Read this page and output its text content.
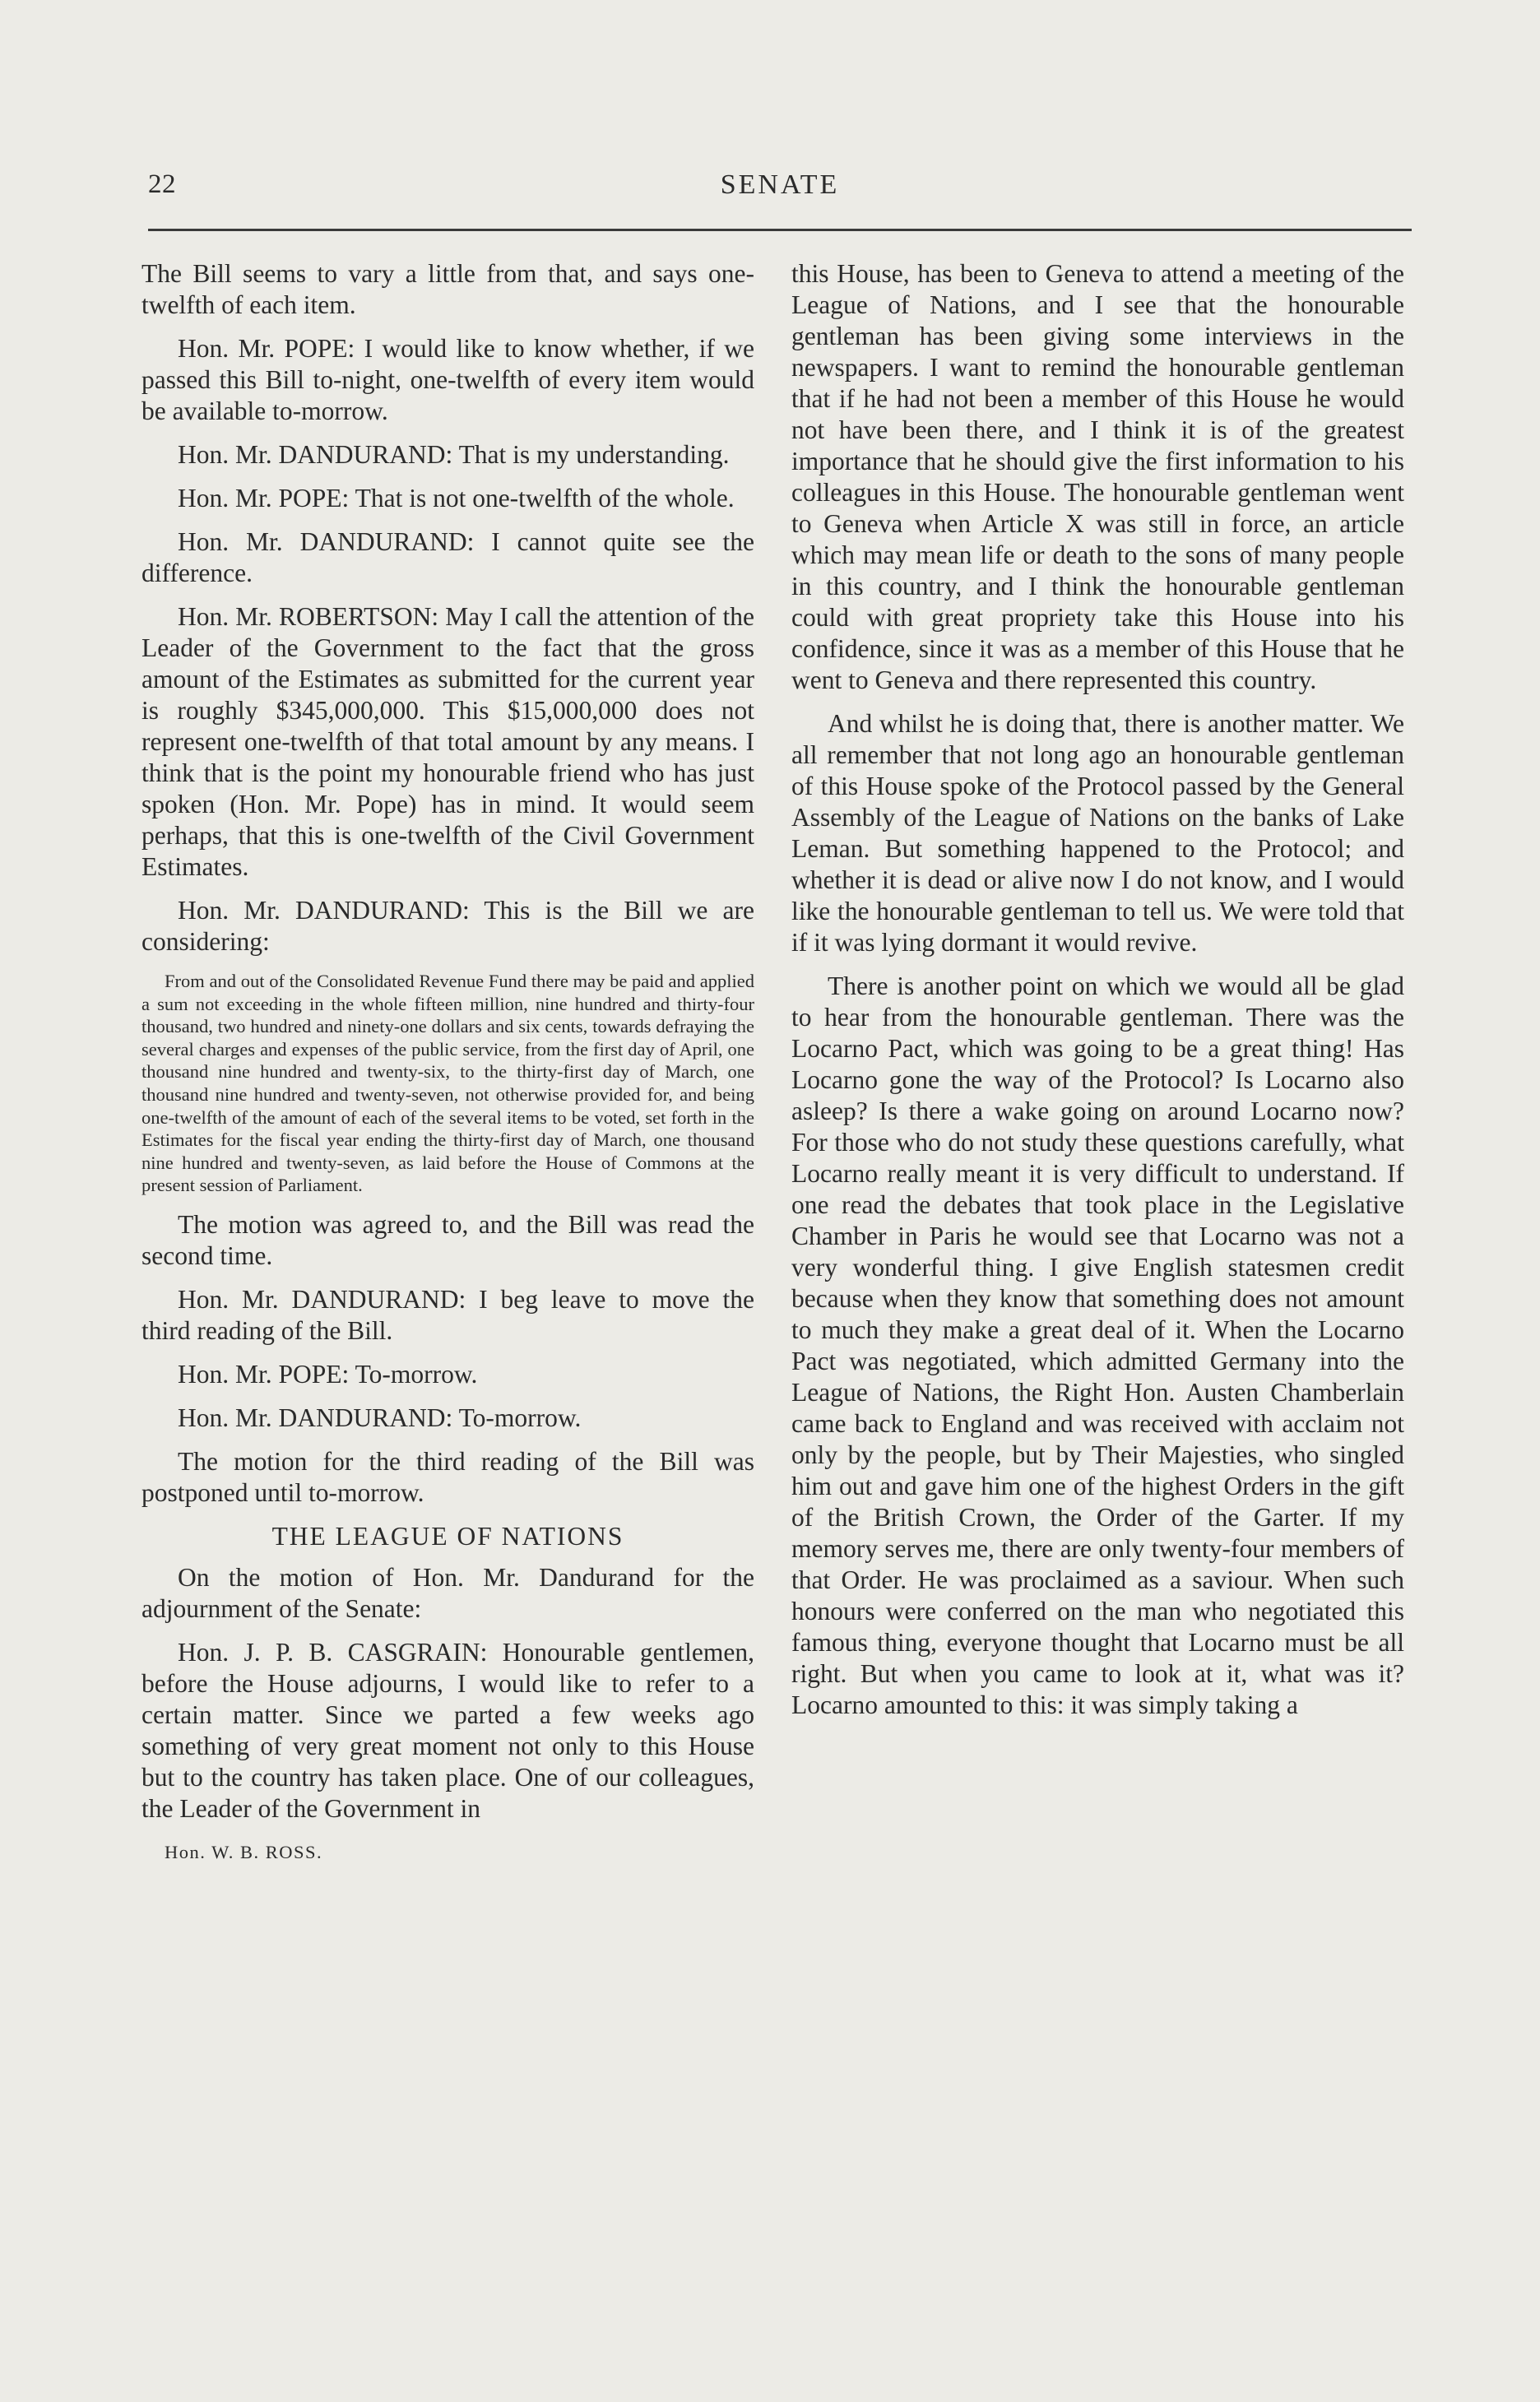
22	SENATE

The Bill seems to vary a little from that, and says one-twelfth of each item.

Hon. Mr. POPE: I would like to know whether, if we passed this Bill to-night, one-twelfth of every item would be available to-morrow.

Hon. Mr. DANDURAND: That is my understanding.

Hon. Mr. POPE: That is not one-twelfth of the whole.

Hon. Mr. DANDURAND: I cannot quite see the difference.

Hon. Mr. ROBERTSON: May I call the attention of the Leader of the Government to the fact that the gross amount of the Estimates as submitted for the current year is roughly $345,000,000. This $15,000,000 does not represent one-twelfth of that total amount by any means. I think that is the point my honourable friend who has just spoken (Hon. Mr. Pope) has in mind. It would seem perhaps, that this is one-twelfth of the Civil Government Estimates.

Hon. Mr. DANDURAND: This is the Bill we are considering:

From and out of the Consolidated Revenue Fund there may be paid and applied a sum not exceeding in the whole fifteen million, nine hundred and thirty-four thousand, two hundred and ninety-one dollars and six cents, towards defraying the several charges and expenses of the public service, from the first day of April, one thousand nine hundred and twenty-six, to the thirty-first day of March, one thousand nine hundred and twenty-seven, not otherwise provided for, and being one-twelfth of the amount of each of the several items to be voted, set forth in the Estimates for the fiscal year ending the thirty-first day of March, one thousand nine hundred and twenty-seven, as laid before the House of Commons at the present session of Parliament.

The motion was agreed to, and the Bill was read the second time.

Hon. Mr. DANDURAND: I beg leave to move the third reading of the Bill.

Hon. Mr. POPE: To-morrow.

Hon. Mr. DANDURAND: To-morrow.

The motion for the third reading of the Bill was postponed until to-morrow.

THE LEAGUE OF NATIONS

On the motion of Hon. Mr. Dandurand for the adjournment of the Senate:

Hon. J. P. B. CASGRAIN: Honourable gentlemen, before the House adjourns, I would like to refer to a certain matter. Since we parted a few weeks ago something of very great moment not only to this House but to the country has taken place. One of our colleagues, the Leader of the Government in

Hon. W. B. ROSS.

this House, has been to Geneva to attend a meeting of the League of Nations, and I see that the honourable gentleman has been giving some interviews in the newspapers. I want to remind the honourable gentleman that if he had not been a member of this House he would not have been there, and I think it is of the greatest importance that he should give the first information to his colleagues in this House. The honourable gentleman went to Geneva when Article X was still in force, an article which may mean life or death to the sons of many people in this country, and I think the honourable gentleman could with great propriety take this House into his confidence, since it was as a member of this House that he went to Geneva and there represented this country.

And whilst he is doing that, there is another matter. We all remember that not long ago an honourable gentleman of this House spoke of the Protocol passed by the General Assembly of the League of Nations on the banks of Lake Leman. But something happened to the Protocol; and whether it is dead or alive now I do not know, and I would like the honourable gentleman to tell us. We were told that if it was lying dormant it would revive.

There is another point on which we would all be glad to hear from the honourable gentleman. There was the Locarno Pact, which was going to be a great thing! Has Locarno gone the way of the Protocol? Is Locarno also asleep? Is there a wake going on around Locarno now? For those who do not study these questions carefully, what Locarno really meant it is very difficult to understand. If one read the debates that took place in the Legislative Chamber in Paris he would see that Locarno was not a very wonderful thing. I give English statesmen credit because when they know that something does not amount to much they make a great deal of it. When the Locarno Pact was negotiated, which admitted Germany into the League of Nations, the Right Hon. Austen Chamberlain came back to England and was received with acclaim not only by the people, but by Their Majesties, who singled him out and gave him one of the highest Orders in the gift of the British Crown, the Order of the Garter. If my memory serves me, there are only twenty-four members of that Order. He was proclaimed as a saviour. When such honours were conferred on the man who negotiated this famous thing, everyone thought that Locarno must be all right. But when you came to look at it, what was it? Locarno amounted to this: it was simply taking a
